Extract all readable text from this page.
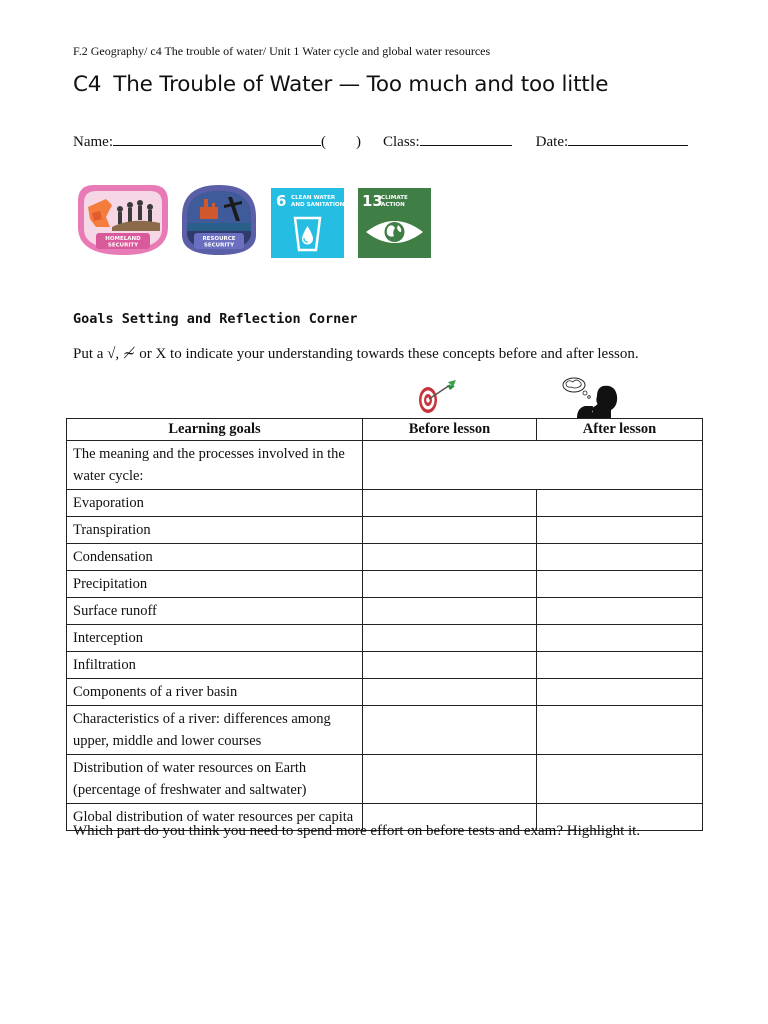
F.2 Geography/ c4 The trouble of water/ Unit 1 Water cycle and global water resources
C4 The Trouble of Water — Too much and too little
Name:	( ) Class:	Date:
HOMELAND
SECURITY
RESOURCE
SECURITY
6 CLEAN WATER
AND SANITATION 13
CLIMATE
ACTION
Goals Setting and Reflection Corner
Put a √, ≁ or X to indicate your understanding towards these concepts before and after lesson.
Learning goals	Before lesson	After lesson
The meaning and the processes involved in the water cycle:		
Evaporation		
Transpiration		
Condensation		
Precipitation		
Surface runoff		
Interception		
Infiltration		
Components of a river basin		
Characteristics of a river: differences among upper, middle and lower courses		
Distribution of water resources on Earth (percentage of freshwater and saltwater)		
Global distribution of water resources per capita		
Which part do you think you need to spend more effort on before tests and exam? Highlight it.
